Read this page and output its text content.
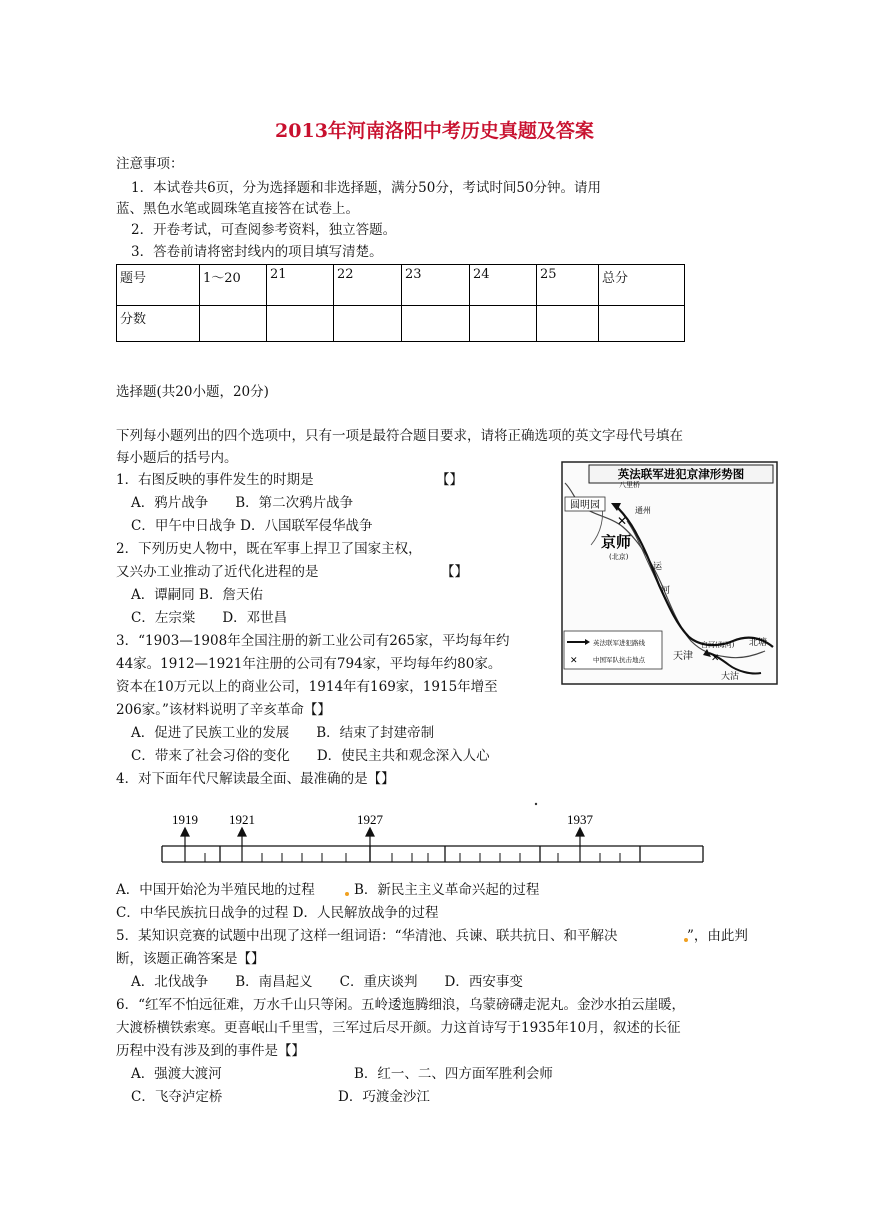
2013年河南洛阳中考历史真题及答案
注意事项：
1．本试卷共6页，分为选择题和非选择题，满分50分，考试时间50分钟。请用
蓝、黑色水笔或圆珠笔直接答在试卷上。
2．开卷考试，可查阅参考资料，独立答题。
3．答卷前请将密封线内的项目填写清楚。
题号	1～20	21	22	23	24	25	总分
分数							
选择题(共20小题，20分)
下列每小题列出的四个选项中，只有一项是最符合题目要求，请将正确选项的英文字母代号填在
每小题后的括号内。
1．右图反映的事件发生的时期是	【】
A．鸦片战争　　B．第二次鸦片战争
C．甲午中日战争 D．八国联军侵华战争
2．下列历史人物中，既在军事上捍卫了国家主权，
又兴办工业推动了近代化进程的是	【】
A．谭嗣同 B．詹天佑
C．左宗棠　　D．邓世昌
3．“1903—1908年全国注册的新工业公司有265家，平均每年约
44家。1912—1921年注册的公司有794家，平均每年约80家。
资本在10万元以上的商业公司，1914年有169家，1915年增至
206家。”该材料说明了辛亥革命【】
A．促进了民族工业的发展　　B．结束了封建帝制
C．带来了社会习俗的变化　　D．使民主共和观念深入人心
4．对下面年代尺解读最全面、最准确的是【】
1919 1921	1927	1937
A．中国开始沦为半殖民地的过程	B．新民主主义革命兴起的过程
C．中华民族抗日战争的过程 D．人民解放战争的过程
5．某知识竞赛的试题中出现了这样一组词语：“华清池、兵谏、联共抗日、和平解决	”，由此判
断，该题正确答案是【】
A．北伐战争　　B．南昌起义　　C．重庆谈判　　D．西安事变
6．“红军不怕远征难，万水千山只等闲。五岭逶迤腾细浪，乌蒙磅礴走泥丸。金沙水拍云崖暖，
大渡桥横铁索寒。更喜岷山千里雪，三军过后尽开颜。力这首诗写于1935年10月，叙述的长征
历程中没有涉及到的事件是【】
A．强渡大渡河	B．红一、二、四方面军胜利会师
C．飞夺泸定桥	D．巧渡金沙江
英法联军进犯京津形势图
✕
✕
圆明园
八里桥
通州
京师
(北京)
运
河
天津
白河(海河) 北塘
大沽
英法联军进犯路线
✕ 中国军队抗击地点
